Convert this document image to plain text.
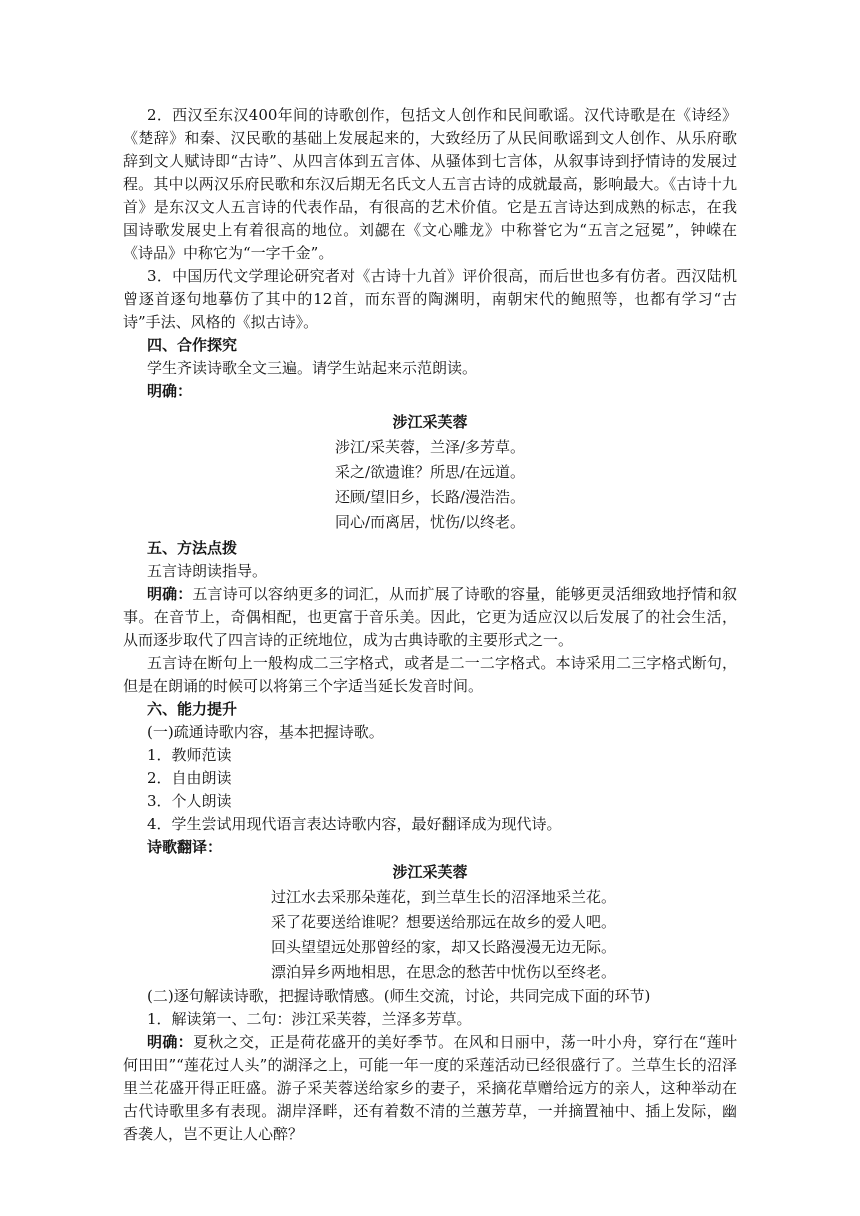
2．西汉至东汉400年间的诗歌创作，包括文人创作和民间歌谣。汉代诗歌是在《诗经》《楚辞》和秦、汉民歌的基础上发展起来的，大致经历了从民间歌谣到文人创作、从乐府歌辞到文人赋诗即“古诗”、从四言体到五言体、从骚体到七言体，从叙事诗到抒情诗的发展过程。其中以两汉乐府民歌和东汉后期无名氏文人五言古诗的成就最高，影响最大。《古诗十九首》是东汉文人五言诗的代表作品，有很高的艺术价值。它是五言诗达到成熟的标志，在我国诗歌发展史上有着很高的地位。刘勰在《文心雕龙》中称誉它为“五言之冠冕”，钟嵘在《诗品》中称它为“一字千金”。

3．中国历代文学理论研究者对《古诗十九首》评价很高，而后世也多有仿者。西汉陆机曾逐首逐句地摹仿了其中的12首，而东晋的陶渊明，南朝宋代的鲍照等，也都有学习“古诗”手法、风格的《拟古诗》。

四、合作探究

学生齐读诗歌全文三遍。请学生站起来示范朗读。

明确：

涉江采芙蓉

涉江/采芙蓉，兰泽/多芳草。
采之/欲遗谁？所思/在远道。
还顾/望旧乡，长路/漫浩浩。
同心/而离居，忧伤/以终老。

五、方法点拨

五言诗朗读指导。

明确：五言诗可以容纳更多的词汇，从而扩展了诗歌的容量，能够更灵活细致地抒情和叙事。在音节上，奇偶相配，也更富于音乐美。因此，它更为适应汉以后发展了的社会生活，从而逐步取代了四言诗的正统地位，成为古典诗歌的主要形式之一。

五言诗在断句上一般构成二三字格式，或者是二一二字格式。本诗采用二三字格式断句，但是在朗诵的时候可以将第三个字适当延长发音时间。

六、能力提升

(一)疏通诗歌内容，基本把握诗歌。

1．教师范读

2．自由朗读

3．个人朗读

4．学生尝试用现代语言表达诗歌内容，最好翻译成为现代诗。

诗歌翻译：

涉江采芙蓉

过江水去采那朵莲花，到兰草生长的沼泽地采兰花。
采了花要送给谁呢？想要送给那远在故乡的爱人吧。
回头望望远处那曾经的家，却又长路漫漫无边无际。
漂泊异乡两地相思，在思念的愁苦中忧伤以至终老。

(二)逐句解读诗歌，把握诗歌情感。(师生交流，讨论，共同完成下面的环节)

1．解读第一、二句：涉江采芙蓉，兰泽多芳草。

明确：夏秋之交，正是荷花盛开的美好季节。在风和日丽中，荡一叶小舟，穿行在“莲叶何田田”“莲花过人头”的湖泽之上，可能一年一度的采莲活动已经很盛行了。兰草生长的沼泽里兰花盛开得正旺盛。游子采芙蓉送给家乡的妻子，采摘花草赠给远方的亲人，这种举动在古代诗歌里多有表现。湖岸泽畔，还有着数不清的兰蕙芳草，一并摘置袖中、插上发际，幽香袭人，岂不更让人心醉？
